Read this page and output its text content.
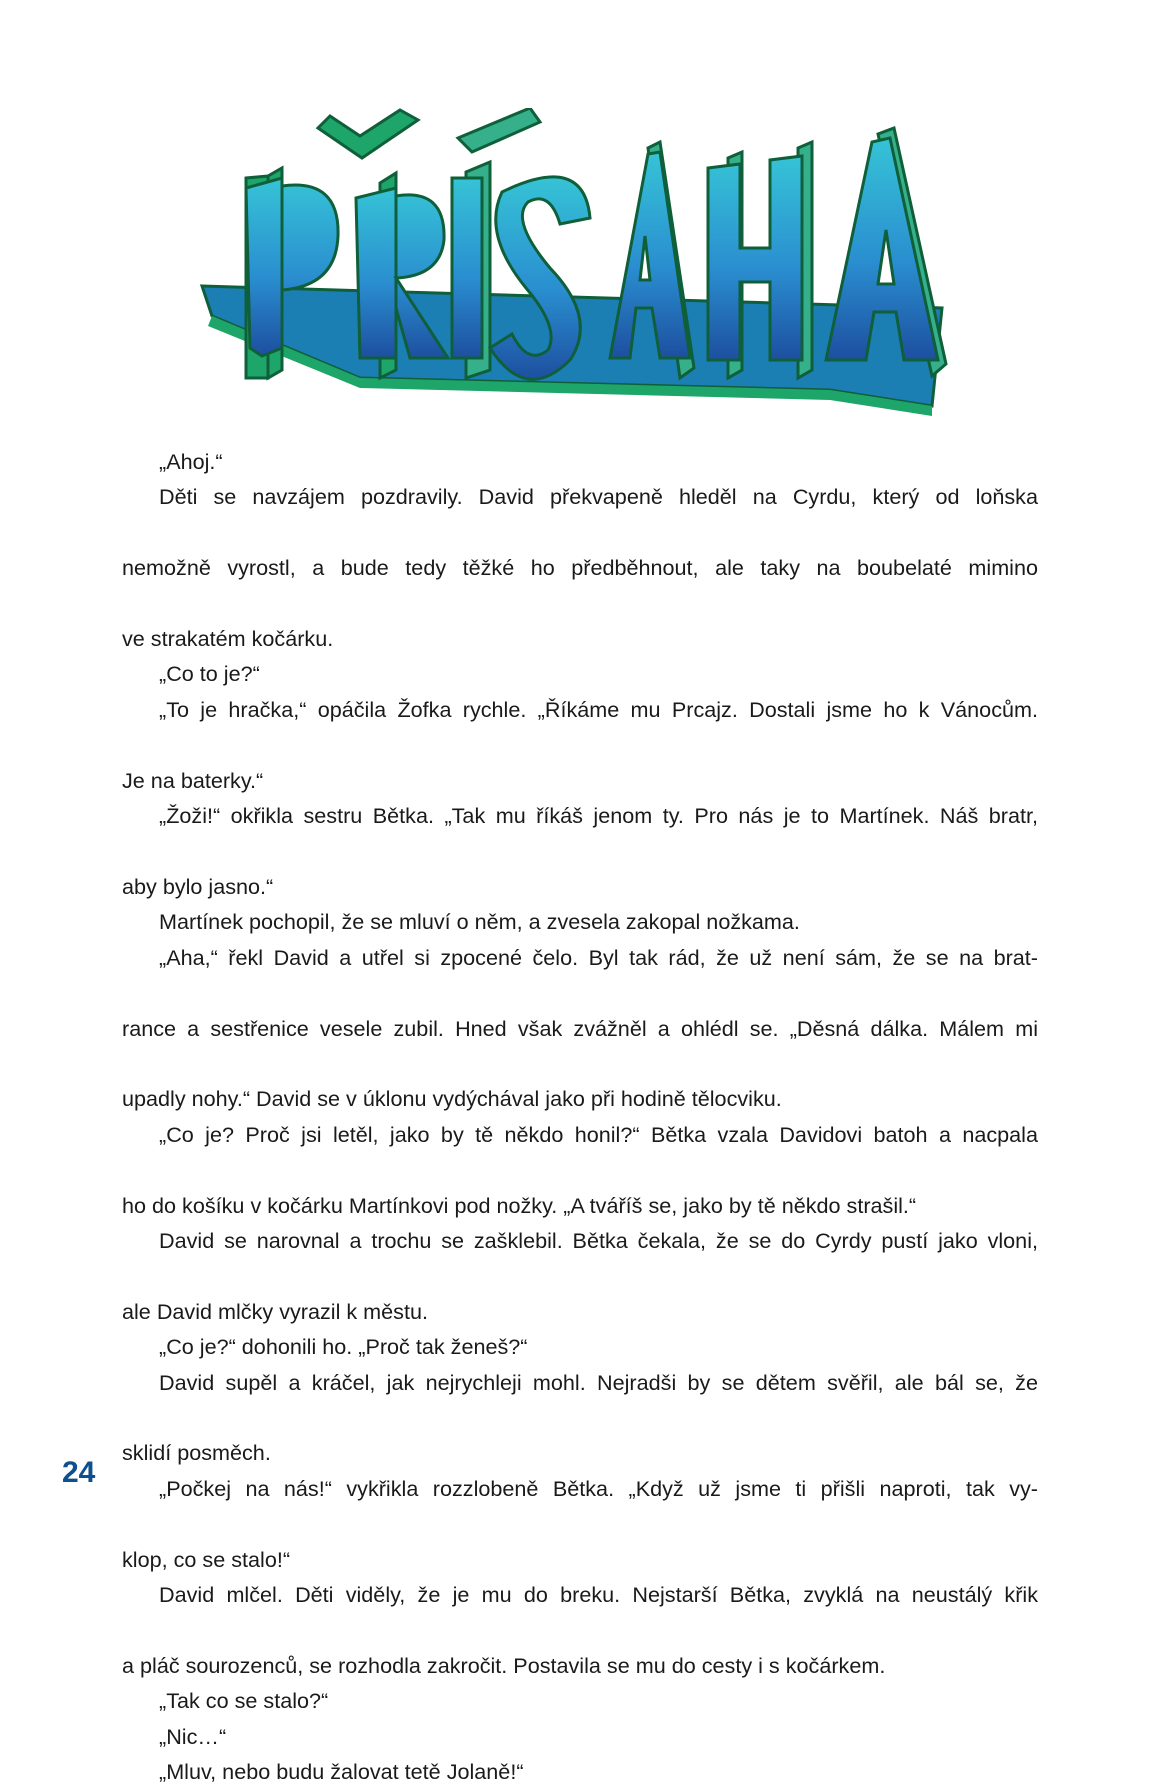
„Ahoj.“

Děti se navzájem pozdravily. David překvapeně hleděl na Cyrdu, který od loňska

nemožně vyrostl, a bude tedy těžké ho předběhnout, ale taky na boubelaté mimino

ve strakatém kočárku.

„Co to je?“

„To je hračka,“ opáčila Žofka rychle. „Říkáme mu Prcajz. Dostali jsme ho k Vánocům.

Je na baterky.“

„Žoži!“ okřikla sestru Bětka. „Tak mu říkáš jenom ty. Pro nás je to Martínek. Náš bratr,

aby bylo jasno.“

Martínek pochopil, že se mluví o něm, a zvesela zakopal nožkama.

„Aha,“ řekl David a utřel si zpocené čelo. Byl tak rád, že už není sám, že se na brat-

rance a sestřenice vesele zubil. Hned však zvážněl a ohlédl se. „Děsná dálka. Málem mi

upadly nohy.“ David se v úklonu vydýchával jako při hodině tělocviku.

„Co je? Proč jsi letěl, jako by tě někdo honil?“ Bětka vzala Davidovi batoh a nacpala

ho do košíku v kočárku Martínkovi pod nožky. „A tváříš se, jako by tě někdo strašil.“

David se narovnal a trochu se zašklebil. Bětka čekala, že se do Cyrdy pustí jako vloni,

ale David mlčky vyrazil k městu.

„Co je?“ dohonili ho. „Proč tak ženeš?“

David supěl a kráčel, jak nejrychleji mohl. Nejradši by se dětem svěřil, ale bál se, že

sklidí posměch.

„Počkej na nás!“ vykřikla rozzlobeně Bětka. „Když už jsme ti přišli naproti, tak vy-

klop, co se stalo!“

David mlčel. Děti viděly, že je mu do breku. Nejstarší Bětka, zvyklá na neustálý křik

a pláč sourozenců, se rozhodla zakročit. Postavila se mu do cesty i s kočárkem.

„Tak co se stalo?“

„Nic…“

„Mluv, nebo budu žalovat tetě Jolaně!“

24
